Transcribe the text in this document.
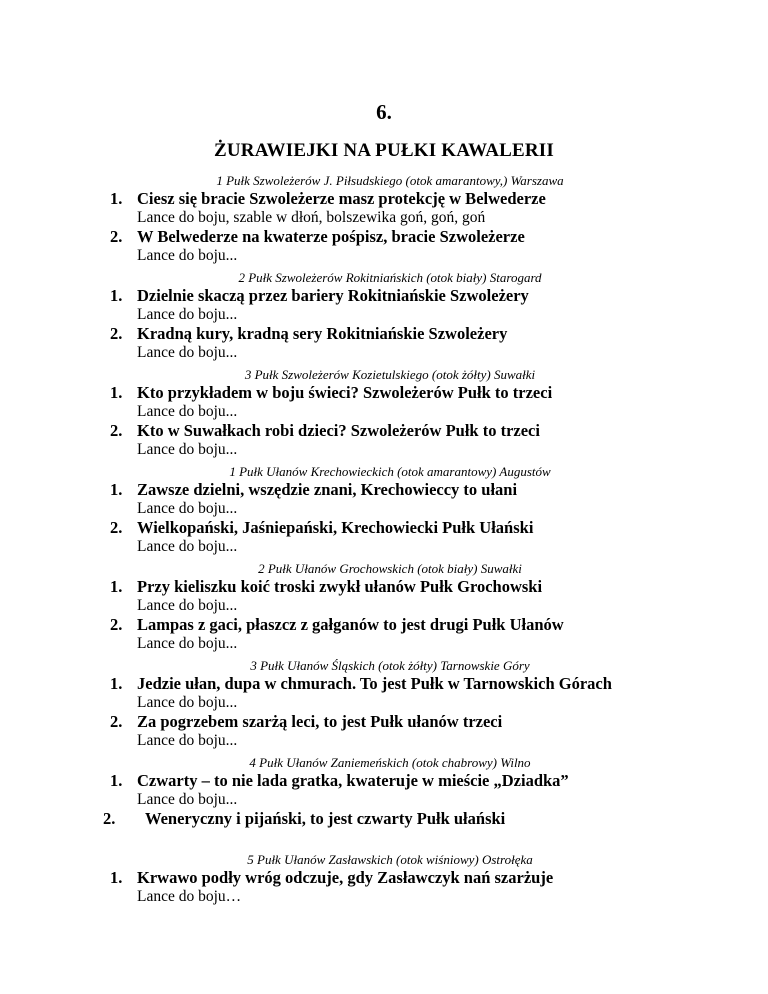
6.
ŻURAWIEJKI NA PUŁKI KAWALERII
1 Pułk Szwoleżerów J. Piłsudskiego (otok amarantowy,) Warszawa
1. Ciesz się bracie Szwoleżerze masz protekcję w Belwederze
Lance do boju, szable w dłoń, bolszewika goń, goń, goń
2. W Belwederze na kwaterze pośpisz, bracie Szwoleżerze
Lance do boju...
2 Pułk Szwoleżerów Rokitniańskich (otok biały) Starogard
1. Dzielnie skaczą przez bariery Rokitniańskie Szwoleżery
Lance do boju...
2. Kradną kury, kradną sery Rokitniańskie Szwoleżery
Lance do boju...
3 Pułk Szwoleżerów Kozietulskiego (otok żółty) Suwałki
1. Kto przykładem w boju świeci? Szwoleżerów Pułk to trzeci
Lance do boju...
2. Kto w Suwałkach robi dzieci? Szwoleżerów Pułk to trzeci
Lance do boju...
1 Pułk Ułanów Krechowieckich (otok amarantowy) Augustów
1. Zawsze dzielni, wszędzie znani, Krechowieccy to ułani
Lance do boju...
2. Wielkopański, Jaśniepański, Krechowiecki Pułk Ułański
Lance do boju...
2 Pułk Ułanów Grochowskich (otok biały) Suwałki
1. Przy kieliszku koić troski zwykł ułanów Pułk Grochowski
Lance do boju...
2. Lampas z gaci, płaszcz z gałganów to jest drugi Pułk Ułanów
Lance do boju...
3 Pułk Ułanów Śląskich (otok żółty) Tarnowskie Góry
1. Jedzie ułan, dupa w chmurach. To jest Pułk w Tarnowskich Górach
Lance do boju...
2. Za pogrzebem szarżą leci, to jest Pułk ułanów trzeci
Lance do boju...
4 Pułk Ułanów Zaniemeńskich (otok chabrowy) Wilno
1. Czwarty – to nie lada gratka, kwateruje w mieście „Dziadka”
Lance do boju...
2. Weneryczny i pijański, to jest czwarty Pułk ułański
5 Pułk Ułanów Zasławskich (otok wiśniowy) Ostrołęka
1. Krwawo podły wróg odczuje, gdy Zasławczyk nań szarżuje
Lance do boju…
